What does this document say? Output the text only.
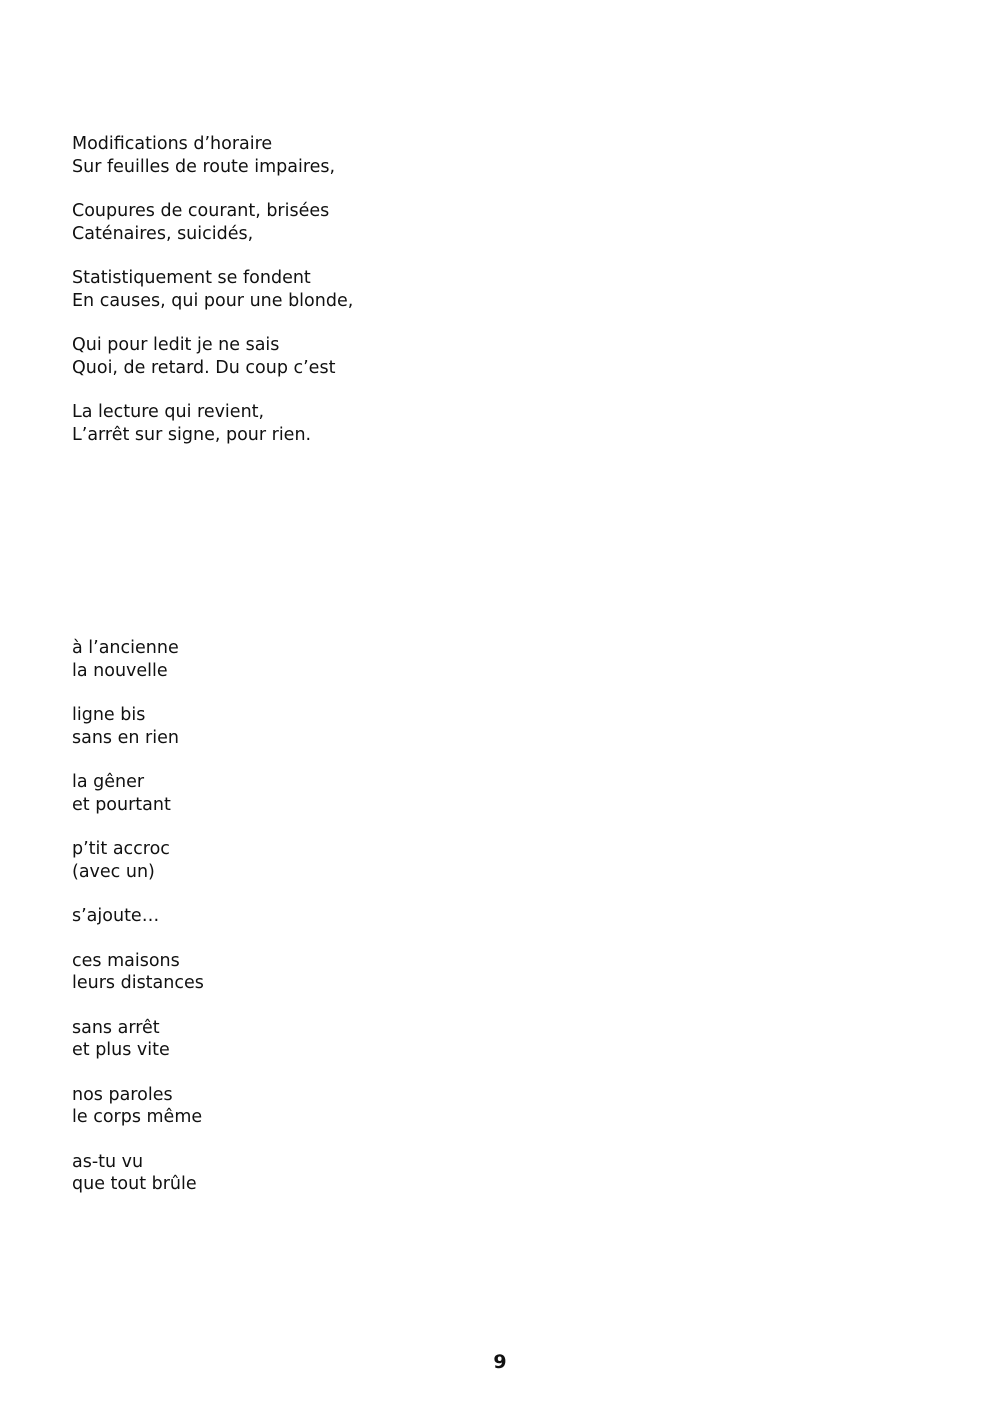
Modifications d’horaire
Sur feuilles de route impaires,
Coupures de courant, brisées
Caténaires, suicidés,
Statistiquement se fondent
En causes, qui pour une blonde,
Qui pour ledit je ne sais
Quoi, de retard. Du coup c’est
La lecture qui revient,
L’arrêt sur signe, pour rien.
à l’ancienne
la nouvelle
ligne bis
sans en rien
la gêner
et pourtant
p’tit accroc
(avec un)
s’ajoute…
ces maisons
leurs distances
sans arrêt
et plus vite
nos paroles
le corps même
as-tu vu
que tout brûle
9
